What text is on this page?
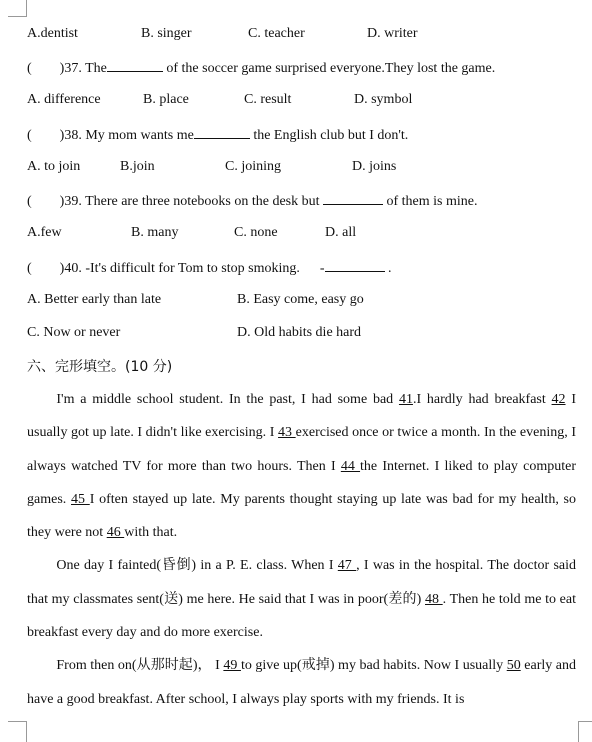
A.dentist	B. singer	C. teacher	D. writer
( )37. The	of the soccer game surprised everyone.They lost the game.
A. difference	B. place	C. result	D. symbol
( )38. My mom wants me	the English club but I don't.
A. to join	B.join	C. joining	D. joins
( )39. There are three notebooks on the desk but	of them is mine.
A.few	B. many	C. none	D. all
( )40. -It's difficult for Tom to stop smoking. -	.
A. Better early than late	B. Easy come, easy go
C. Now or never	D. Old habits die hard
六、完形填空。(10 分)

I'm a middle school student. In the past, I had some bad 41.I hardly had breakfast 42 I usually got up late. I didn't like exercising. I 43 exercised once or twice a month. In the evening, I always watched TV for more than two hours. Then I 44 the Internet. I liked to play computer games. 45 I often stayed up late. My parents thought staying up late was bad for my health, so they were not 46 with that.

One day I fainted(昏倒) in a P. E. class. When I 47 , I was in the hospital. The doctor said that my classmates sent(送) me here. He said that I was in poor(差的) 48 . Then he told me to eat breakfast every day and do more exercise.

From then on(从那时起)， I 49 to give up(戒掉) my bad habits. Now I usually 50 early and have a good breakfast. After school, I always play sports with my friends. It is
